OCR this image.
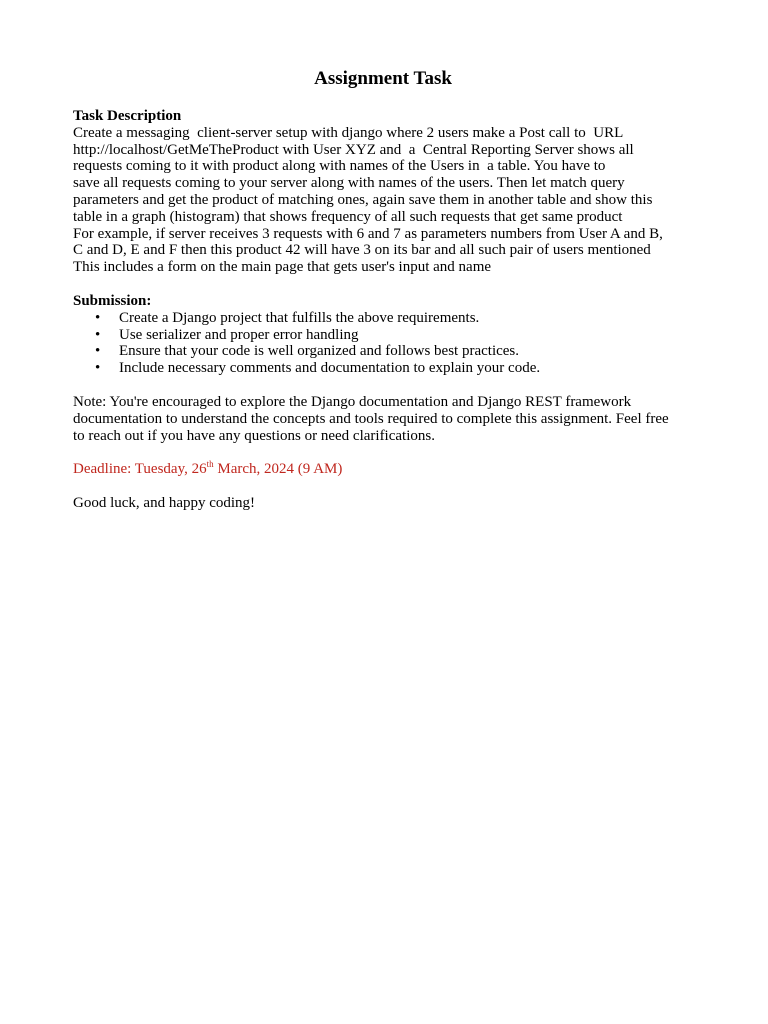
Assignment Task
Task Description
Create a messaging  client-server setup with django where 2 users make a Post call to  URL
http://localhost/GetMeTheProduct with User XYZ and  a  Central Reporting Server shows all
requests coming to it with product along with names of the Users in  a table. You have to
save all requests coming to your server along with names of the users. Then let match query
parameters and get the product of matching ones, again save them in another table and show this
table in a graph (histogram) that shows frequency of all such requests that get same product
For example, if server receives 3 requests with 6 and 7 as parameters numbers from User A and B,
C and D, E and F then this product 42 will have 3 on its bar and all such pair of users mentioned
This includes a form on the main page that gets user's input and name
Submission:
• Create a Django project that fulfills the above requirements.
• Use serializer and proper error handling
• Ensure that your code is well organized and follows best practices.
• Include necessary comments and documentation to explain your code.
Note: You're encouraged to explore the Django documentation and Django REST framework
documentation to understand the concepts and tools required to complete this assignment. Feel free
to reach out if you have any questions or need clarifications.
Deadline: Tuesday, 26th March, 2024 (9 AM)
Good luck, and happy coding!
